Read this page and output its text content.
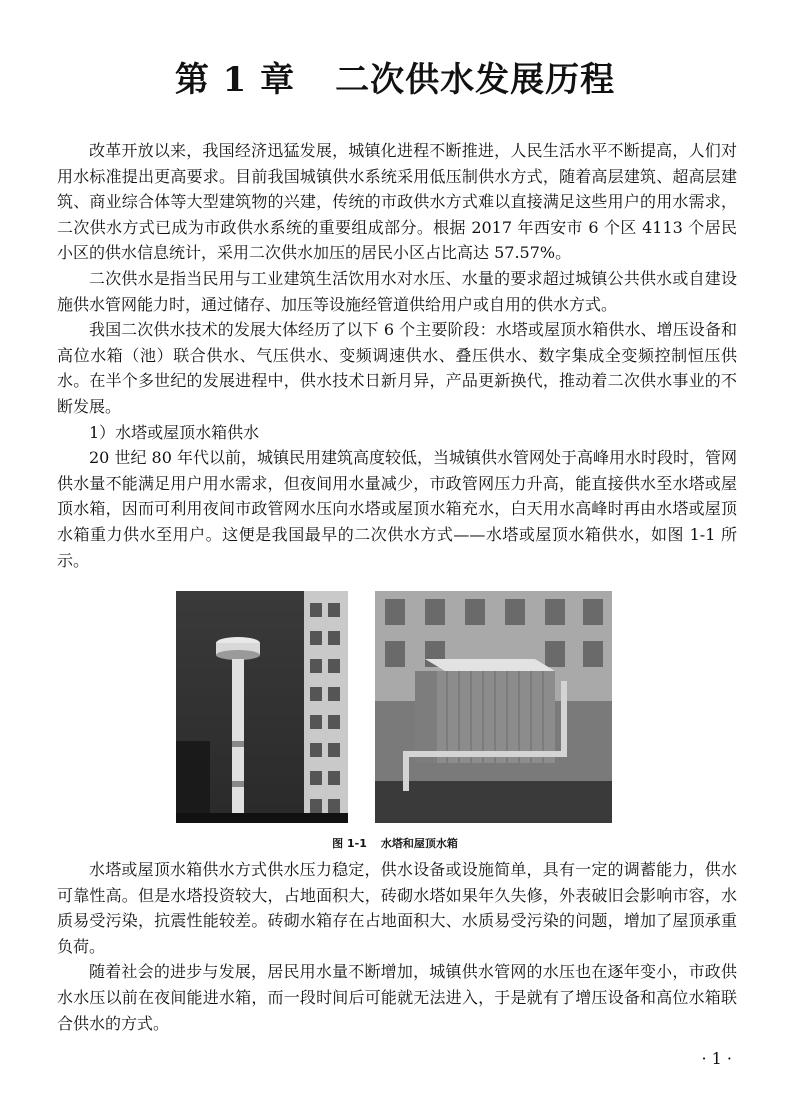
第 1 章 二次供水发展历程

改革开放以来，我国经济迅猛发展，城镇化进程不断推进，人民生活水平不断提高，人们对用水标准提出更高要求。目前我国城镇供水系统采用低压制供水方式，随着高层建筑、超高层建筑、商业综合体等大型建筑物的兴建，传统的市政供水方式难以直接满足这些用户的用水需求，二次供水方式已成为市政供水系统的重要组成部分。根据 2017 年西安市 6 个区 4113 个居民小区的供水信息统计，采用二次供水加压的居民小区占比高达 57.57%。

二次供水是指当民用与工业建筑生活饮用水对水压、水量的要求超过城镇公共供水或自建设施供水管网能力时，通过储存、加压等设施经管道供给用户或自用的供水方式。

我国二次供水技术的发展大体经历了以下 6 个主要阶段：水塔或屋顶水箱供水、增压设备和高位水箱（池）联合供水、气压供水、变频调速供水、叠压供水、数字集成全变频控制恒压供水。在半个多世纪的发展进程中，供水技术日新月异，产品更新换代，推动着二次供水事业的不断发展。

1）水塔或屋顶水箱供水

20 世纪 80 年代以前，城镇民用建筑高度较低，当城镇供水管网处于高峰用水时段时，管网供水量不能满足用户用水需求，但夜间用水量减少，市政管网压力升高，能直接供水至水塔或屋顶水箱，因而可利用夜间市政管网水压向水塔或屋顶水箱充水，白天用水高峰时再由水塔或屋顶水箱重力供水至用户。这便是我国最早的二次供水方式——水塔或屋顶水箱供水，如图 1-1 所示。

图 1-1 水塔和屋顶水箱

水塔或屋顶水箱供水方式供水压力稳定，供水设备或设施简单，具有一定的调蓄能力，供水可靠性高。但是水塔投资较大，占地面积大，砖砌水塔如果年久失修，外表破旧会影响市容，水质易受污染，抗震性能较差。砖砌水箱存在占地面积大、水质易受污染的问题，增加了屋顶承重负荷。

随着社会的进步与发展，居民用水量不断增加，城镇供水管网的水压也在逐年变小，市政供水水压以前在夜间能进水箱，而一段时间后可能就无法进入，于是就有了增压设备和高位水箱联合供水的方式。

· 1 ·
